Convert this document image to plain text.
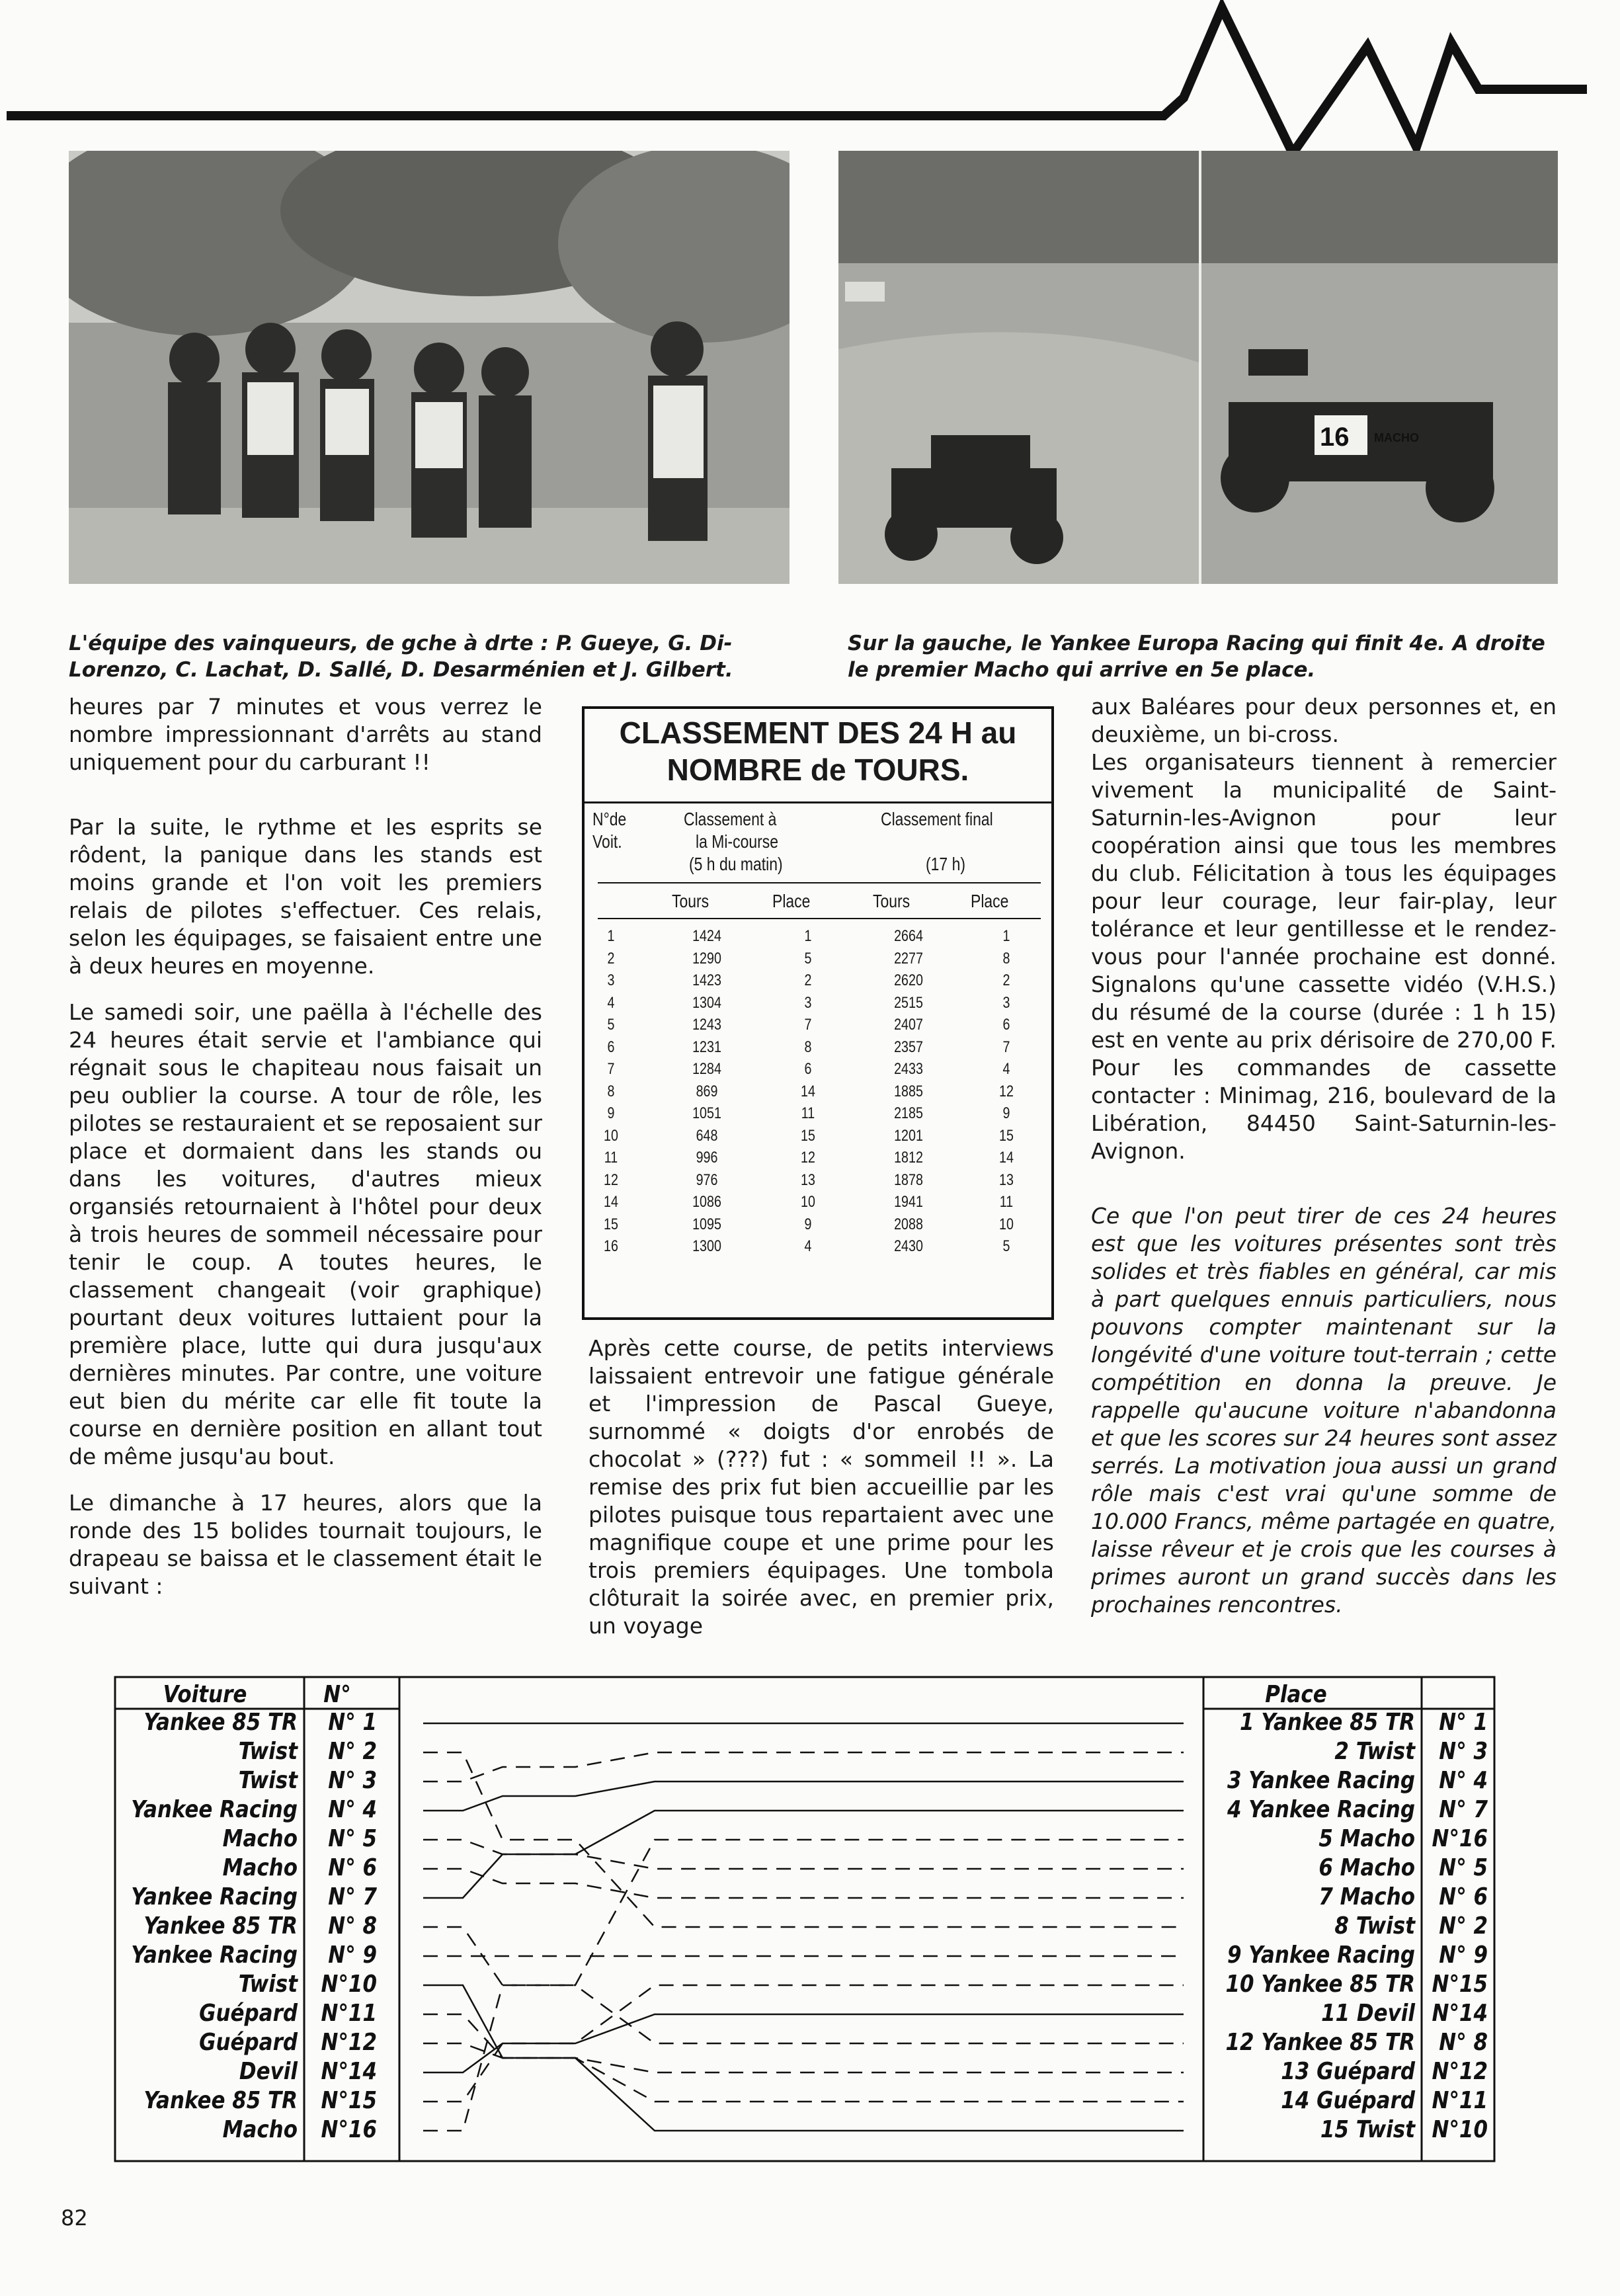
16 MACHO
L'équipe des vainqueurs, de gche à drte : P. Gueye, G. Di-Lorenzo, C. Lachat, D. Sallé, D. Desarménien et J. Gilbert.
Sur la gauche, le Yankee Europa Racing qui finit 4e. A droite le premier Macho qui arrive en 5e place.

heures par 7 minutes et vous verrez le nombre impressionnant d'arrêts au stand uniquement pour du carburant !!

Par la suite, le rythme et les esprits se rôdent, la panique dans les stands est moins grande et l'on voit les premiers relais de pilotes s'effectuer. Ces relais, selon les équipages, se faisaient entre une à deux heures en moyenne.

Le samedi soir, une paëlla à l'échelle des 24 heures était servie et l'ambiance qui régnait sous le chapiteau nous faisait un peu oublier la course. A tour de rôle, les pilotes se restauraient et se reposaient sur place et dormaient dans les stands ou dans les voitures, d'autres mieux organsiés retournaient à l'hôtel pour deux à trois heures de sommeil nécessaire pour tenir le coup. A toutes heures, le classement changeait (voir graphique) pourtant deux voitures luttaient pour la première place, lutte qui dura jusqu'aux dernières minutes. Par contre, une voiture eut bien du mérite car elle fit toute la course en dernière position en allant tout de même jusqu'au bout.

Le dimanche à 17 heures, alors que la ronde des 15 bolides tournait toujours, le drapeau se baissa et le classement était le suivant :

CLASSEMENT DES 24 H au
NOMBRE de TOURS.
N°de
Voit.
Classement à
la Mi-course
(5 h du matin)
Classement final
(17 h)
Tours	Place	Tours	Place
1	1424	1	2664	1
2	1290	5	2277	8
3	1423	2	2620	2
4	1304	3	2515	3
5	1243	7	2407	6
6	1231	8	2357	7
7	1284	6	2433	4
8	869	14	1885	12
9	1051	11	2185	9
10	648	15	1201	15
11	996	12	1812	14
12	976	13	1878	13
14	1086	10	1941	11
15	1095	9	2088	10
16	1300	4	2430	5
Après cette course, de petits interviews laissaient entrevoir une fatigue générale et l'impression de Pascal Gueye, surnommé « doigts d'or enrobés de chocolat » (???) fut : « sommeil !! ». La remise des prix fut bien accueillie par les pilotes puisque tous repartaient avec une magnifique coupe et une prime pour les trois premiers équipages. Une tombola clôturait la soirée avec, en premier prix, un voyage

aux Baléares pour deux personnes et, en deuxième, un bi-cross.

Les organisateurs tiennent à remercier vivement la municipalité de Saint-Saturnin-les-Avignon pour leur coopération ainsi que tous les membres du club. Félicitation à tous les équipages pour leur courage, leur fair-play, leur tolérance et leur gentillesse et le rendez-vous pour l'année prochaine est donné. Signalons qu'une cassette vidéo (V.H.S.) du résumé de la course (durée : 1 h 15) est en vente au prix dérisoire de 270,00 F. Pour les commandes de cassette contacter : Minimag, 216, boulevard de la Libération, 84450 Saint-Saturnin-les-Avignon.

Ce que l'on peut tirer de ces 24 heures est que les voitures présentes sont très solides et très fiables en général, car mis à part quelques ennuis particuliers, nous pouvons compter maintenant sur la longévité d'une voiture tout-terrain ; cette compétition en donna la preuve. Je rappelle qu'aucune voiture n'abandonna et que les scores sur 24 heures sont assez serrés. La motivation joua aussi un grand rôle mais c'est vrai qu'une somme de 10.000 Francs, même partagée en quatre, laisse rêveur et je crois que les courses à primes auront un grand succès dans les prochaines rencontres.

Voiture	N°	Place
Yankee 85 TR N° 1
Twist N° 2
Twist N° 3
Yankee Racing N° 4
Macho N° 5
Macho N° 6
Yankee Racing N° 7
Yankee 85 TR N° 8
Yankee Racing N° 9
Twist N°10
Guépard N°11
Guépard N°12
Devil N°14
Yankee 85 TR N°15
Macho N°16
1 Yankee 85 TR N° 1
2 Twist N° 3
3 Yankee Racing N° 4
4 Yankee Racing N° 7
5 Macho N°16
6 Macho N° 5
7 Macho N° 6
8 Twist N° 2
9 Yankee Racing N° 9
10 Yankee 85 TR N°15
11 Devil N°14
12 Yankee 85 TR N° 8
13 Guépard N°12
14 Guépard N°11
15 Twist N°10
82
